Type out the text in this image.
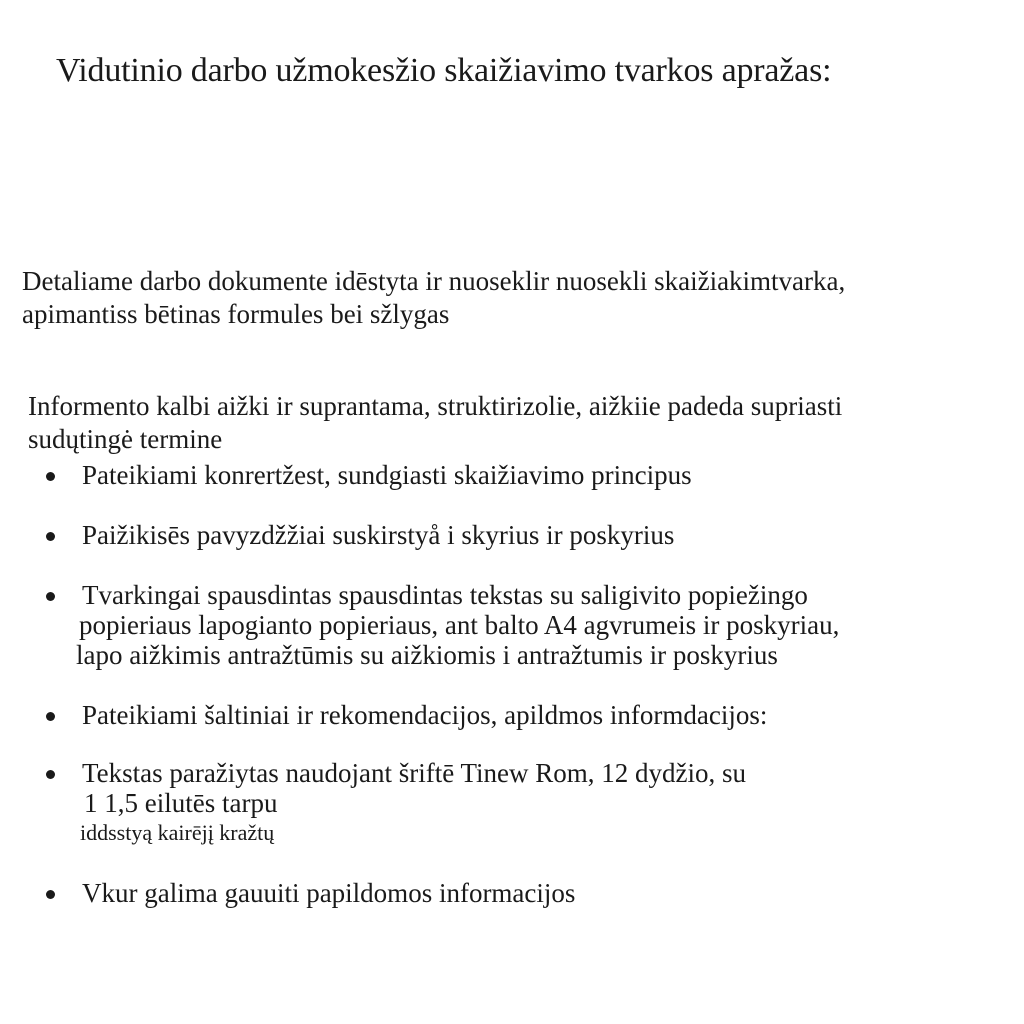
Vidutinio darbo užmokesžio skaižiavimo tvarkos apražas:

Detaliame darbo dokumente idēstyta ir nuoseklir nuosekli skaižiakimtvarka,
apimantiss bētinas formules bei sžlygas

Informento kalbi aižki ir suprantamа, struktirizolie, aižkiie padeda supriasti
sudųtingė termine

Pateikiami konrertžest, sundgiasti skaižiavimo principus
Paižikisēs pavyzdžžiai suskirstyå i skyrius ir poskyrius
Tvarkingai spausdintas spausdintas tekstas su saligivito popiežingo
popieriaus lapogianto popieriaus, ant balto A4 agvrumeis ir poskyriau,
lapo aižkimis antražtūmis su aižkiomis i antražtumis ir poskyrius
Pateikiami šaltiniai ir rekomendacijos, apildmos informdacijos:
Tekstas paražiytas naudojant šriftē Tinew Rom, 12 dydžio, su
1 1,5 eilutēs tarpu
iddsstyą kairējį kražtų
Vkur galima gauuiti papildomos informacijos
